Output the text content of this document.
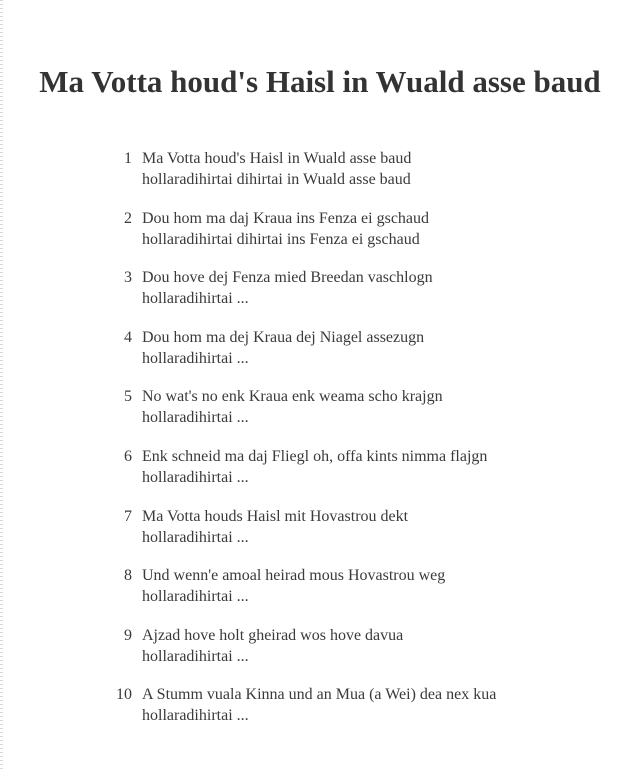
Ma Votta houd's Haisl in Wuald asse baud
1 Ma Votta houd's Haisl in Wuald asse baud
hollaradihirtai dihirtai in Wuald asse baud
2 Dou hom ma daj Kraua ins Fenza ei gschaud
hollaradihirtai dihirtai ins Fenza ei gschaud
3 Dou hove dej Fenza mied Breedan vaschlogn
hollaradihirtai ...
4 Dou hom ma dej Kraua dej Niagel assezugn
hollaradihirtai ...
5 No wat's no enk Kraua enk weama scho krajgn
hollaradihirtai ...
6 Enk schneid ma daj Fliegl oh, offa kints nimma flajgn
hollaradihirtai ...
7 Ma Votta houds Haisl mit Hovastrou dekt
hollaradihirtai ...
8 Und wenn'e amoal heirad mous Hovastrou weg
hollaradihirtai ...
9 Ajzad hove holt gheirad wos hove davua
hollaradihirtai ...
10 A Stumm vuala Kinna und an Mua (a Wei) dea nex kua
hollaradihirtai ...
